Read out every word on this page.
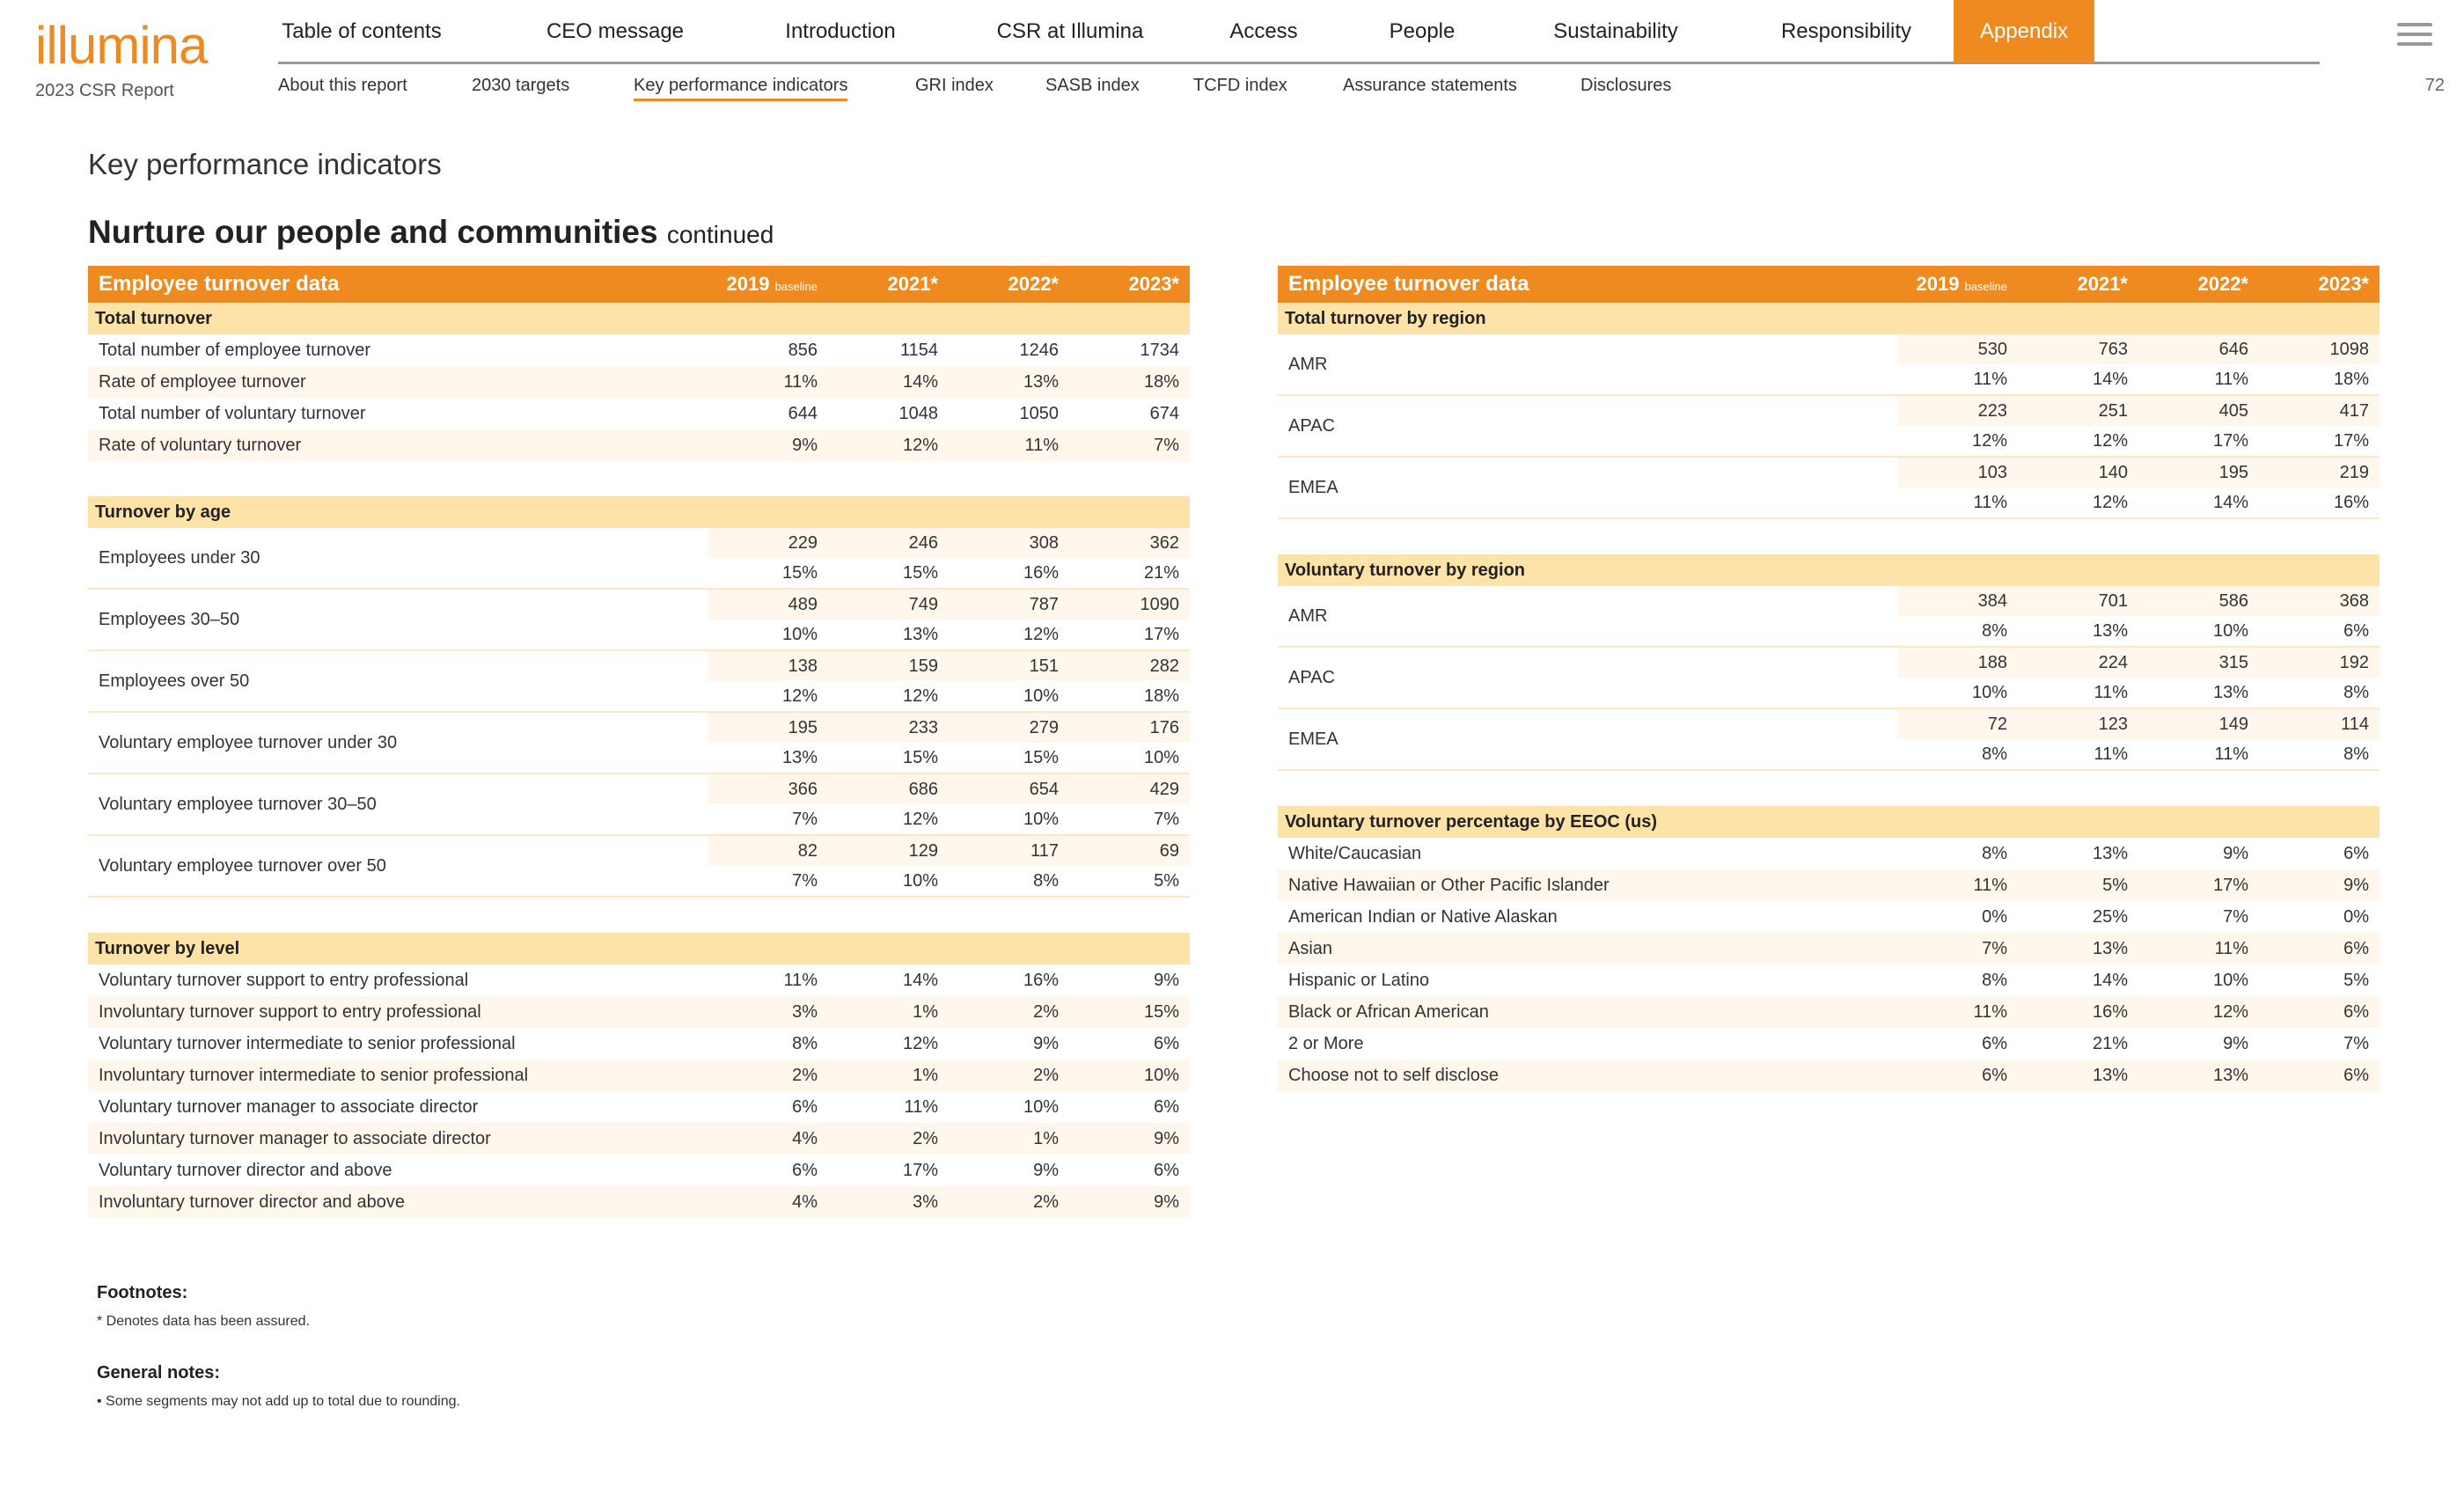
illumina
2023 CSR Report
Table of contents	CEO message	Introduction	CSR at Illumina	Access	People	Sustainability	Responsibility	Appendix
About this report	2030 targets	Key performance indicators	GRI index	SASB index	TCFD index	Assurance statements	Disclosures	72
Key performance indicators
Nurture our people and communities continued
Employee turnover data	2019 baseline	2021*	2022*	2023*
Total turnover
Total number of employee turnover	856	1154	1246	1734
Rate of employee turnover	11%	14%	13%	18%
Total number of voluntary turnover	644	1048	1050	674
Rate of voluntary turnover	9%	12%	11%	7%
Turnover by age
Employees under 30
229	246	308	362
15%	15%	16%	21%
Employees 30–50
489	749	787	1090
10%	13%	12%	17%
Employees over 50
138	159	151	282
12%	12%	10%	18%
Voluntary employee turnover under 30
195	233	279	176
13%	15%	15%	10%
Voluntary employee turnover 30–50
366	686	654	429
7%	12%	10%	7%
Voluntary employee turnover over 50
82	129	117	69
7%	10%	8%	5%
Turnover by level
Voluntary turnover support to entry professional	11%	14%	16%	9%
Involuntary turnover support to entry professional	3%	1%	2%	15%
Voluntary turnover intermediate to senior professional	8%	12%	9%	6%
Involuntary turnover intermediate to senior professional	2%	1%	2%	10%
Voluntary turnover manager to associate director	6%	11%	10%	6%
Involuntary turnover manager to associate director	4%	2%	1%	9%
Voluntary turnover director and above	6%	17%	9%	6%
Involuntary turnover director and above	4%	3%	2%	9%
Employee turnover data	2019 baseline	2021*	2022*	2023*
Total turnover by region
AMR
530	763	646	1098
11%	14%	11%	18%
APAC
223	251	405	417
12%	12%	17%	17%
EMEA
103	140	195	219
11%	12%	14%	16%
Voluntary turnover by region
AMR
384	701	586	368
8%	13%	10%	6%
APAC
188	224	315	192
10%	11%	13%	8%
EMEA
72	123	149	114
8%	11%	11%	8%
Voluntary turnover percentage by EEOC (us)
White/Caucasian	8%	13%	9%	6%
Native Hawaiian or Other Pacific Islander	11%	5%	17%	9%
American Indian or Native Alaskan	0%	25%	7%	0%
Asian	7%	13%	11%	6%
Hispanic or Latino	8%	14%	10%	5%
Black or African American	11%	16%	12%	6%
2 or More	6%	21%	9%	7%
Choose not to self disclose	6%	13%	13%	6%
Footnotes:
* Denotes data has been assured.
General notes:
• Some segments may not add up to total due to rounding.
